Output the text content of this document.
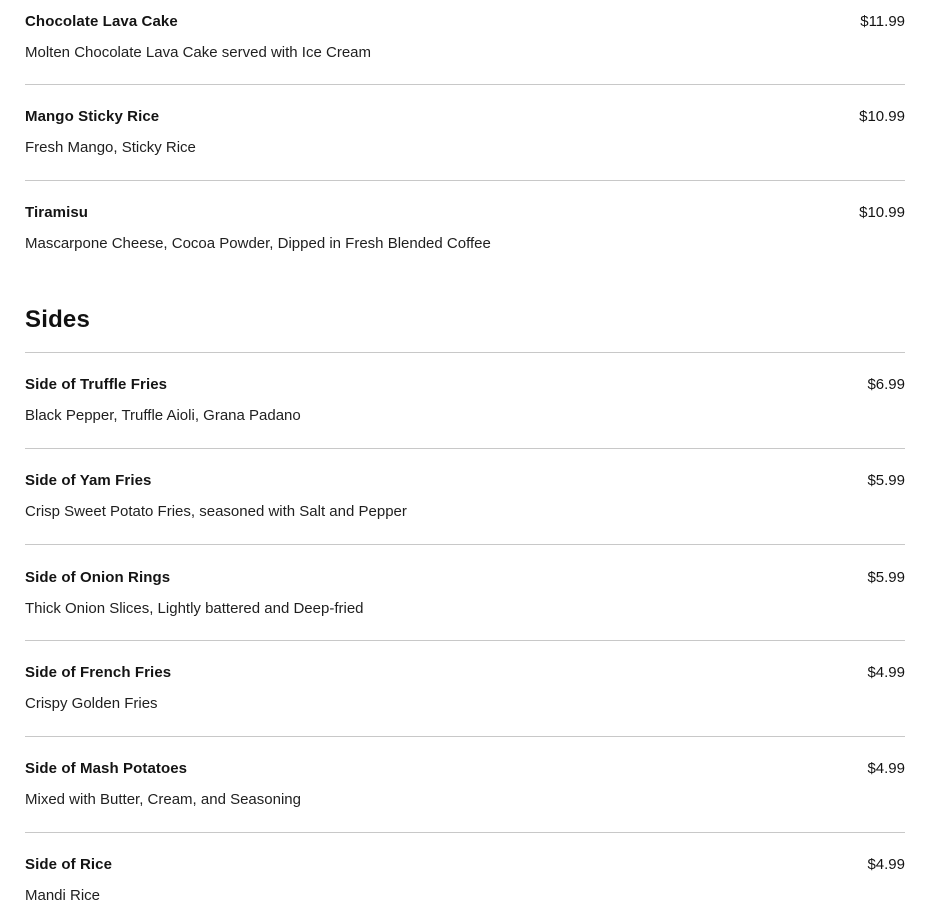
Chocolate Lava Cake	$11.99
Molten Chocolate Lava Cake served with Ice Cream
Mango Sticky Rice	$10.99
Fresh Mango, Sticky Rice
Tiramisu	$10.99
Mascarpone Cheese, Cocoa Powder, Dipped in Fresh Blended Coffee
Sides
Side of Truffle Fries	$6.99
Black Pepper, Truffle Aioli, Grana Padano
Side of Yam Fries	$5.99
Crisp Sweet Potato Fries, seasoned with Salt and Pepper
Side of Onion Rings	$5.99
Thick Onion Slices, Lightly battered and Deep-fried
Side of French Fries	$4.99
Crispy Golden Fries
Side of Mash Potatoes	$4.99
Mixed with Butter, Cream, and Seasoning
Side of Rice	$4.99
Mandi Rice
